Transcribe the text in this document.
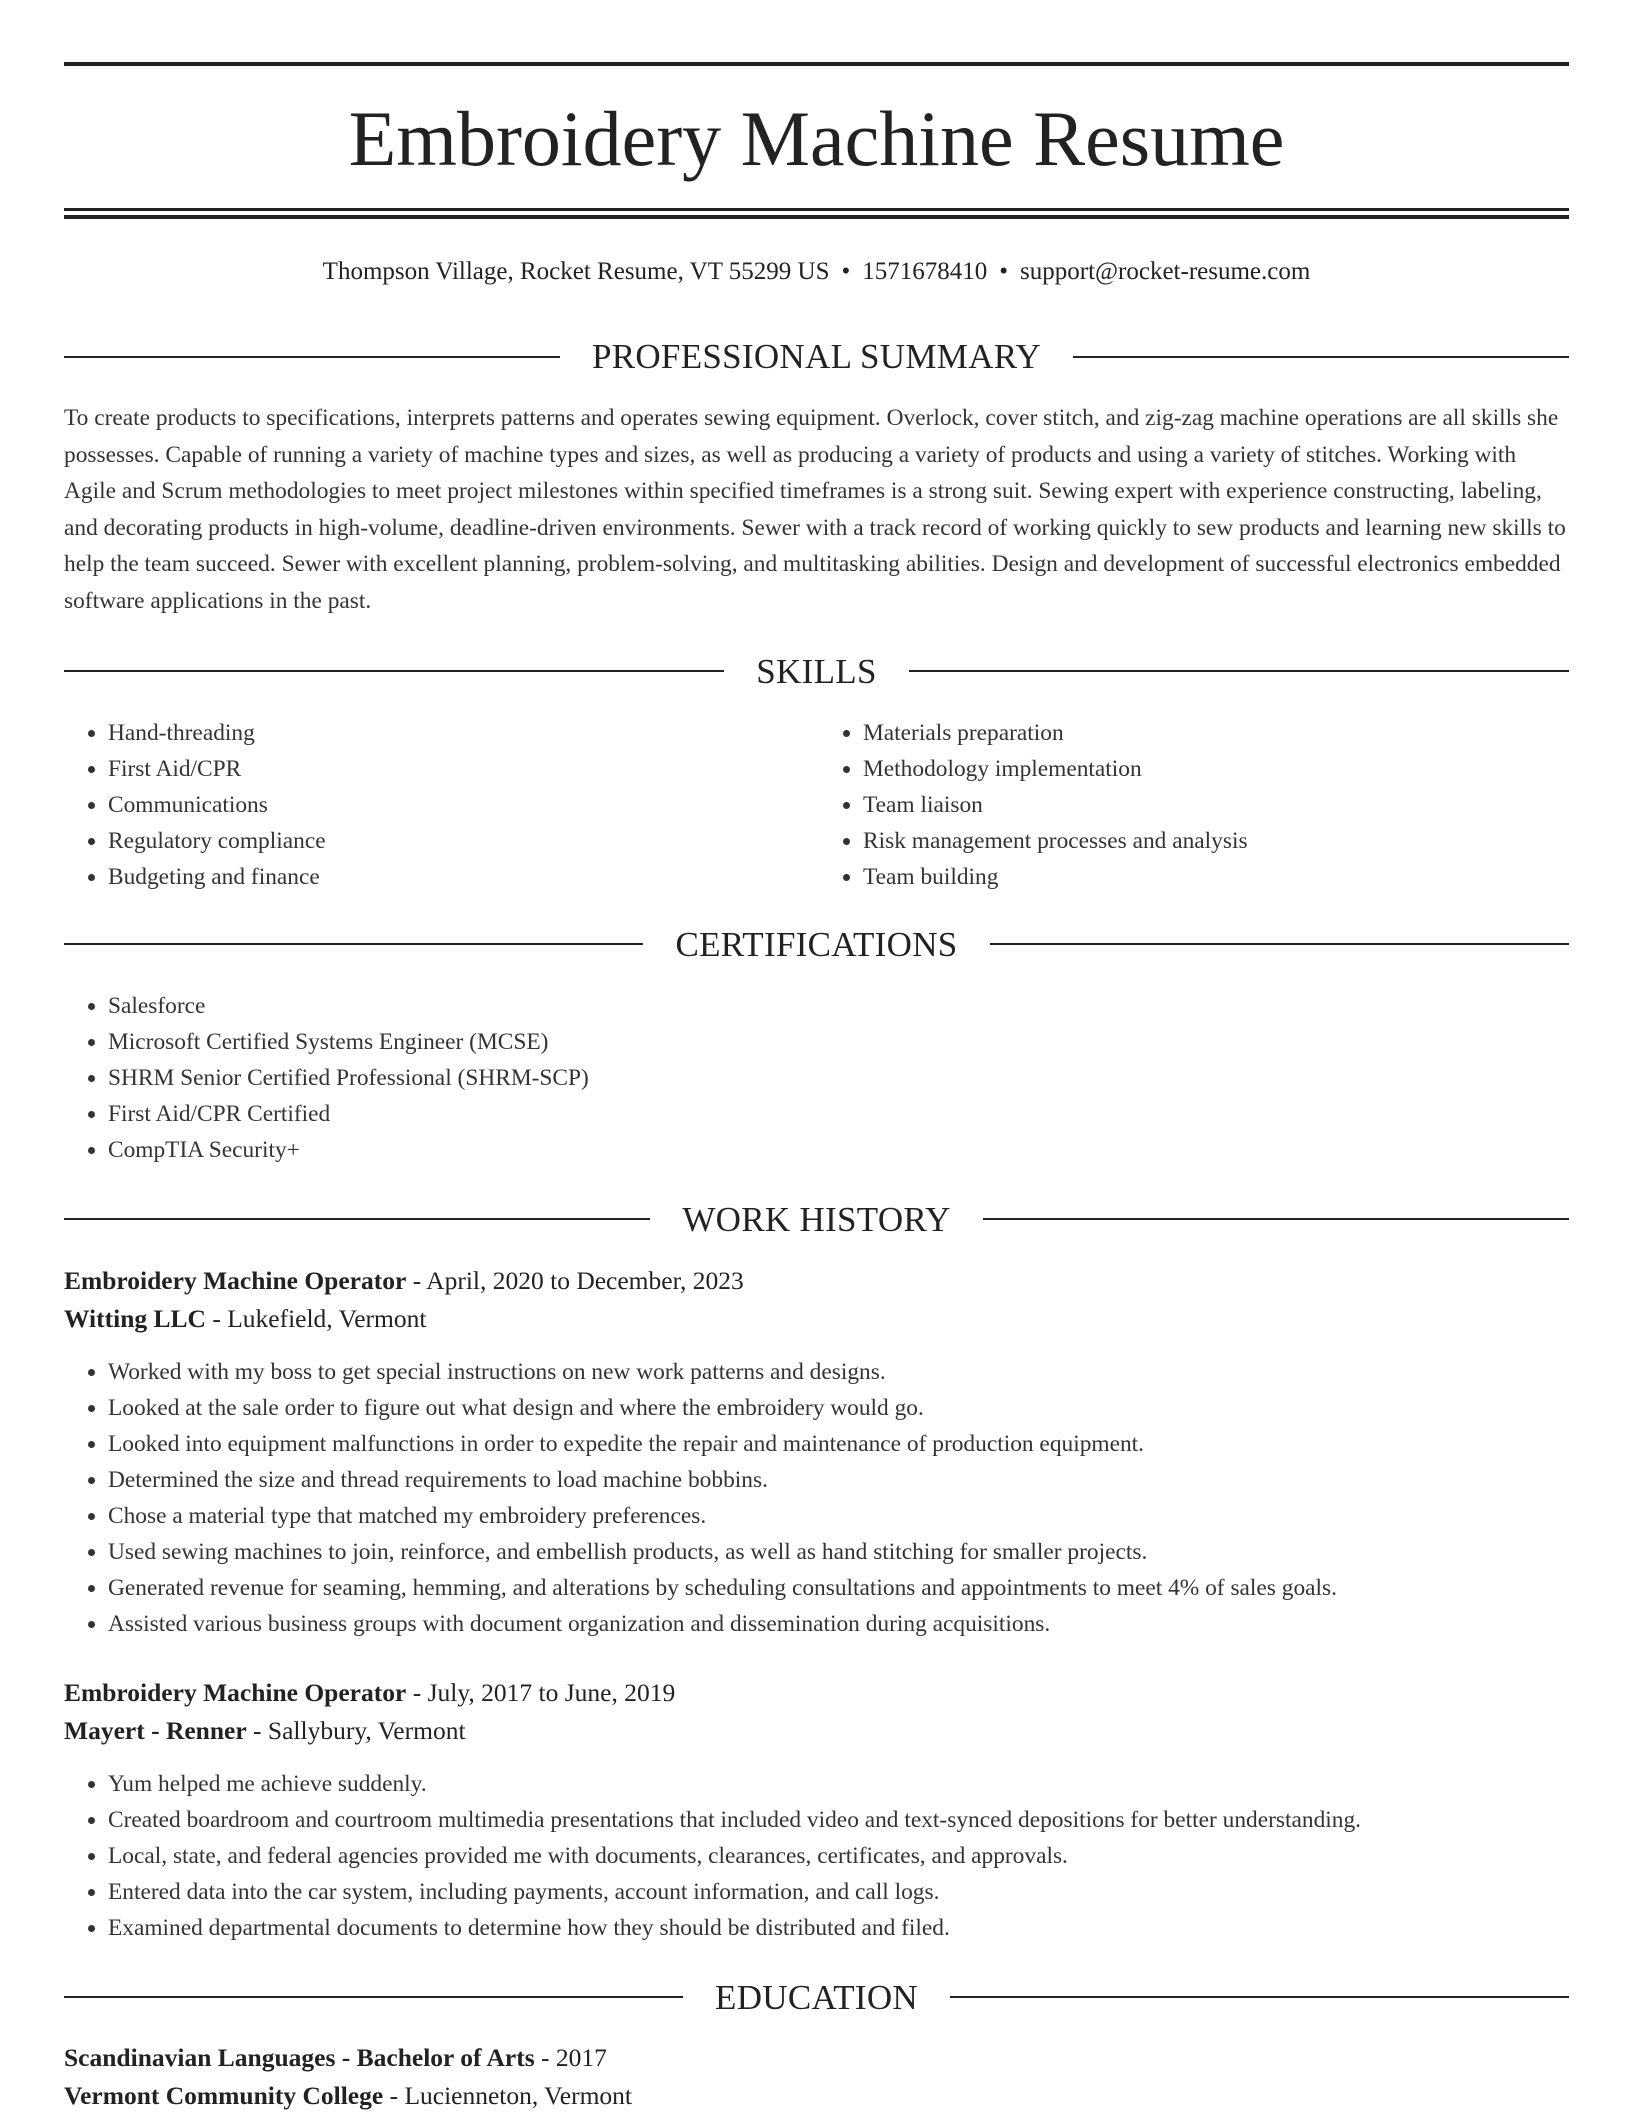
Embroidery Machine Resume
Thompson Village, Rocket Resume, VT 55299 US • 1571678410 • support@rocket-resume.com
PROFESSIONAL SUMMARY

To create products to specifications, interprets patterns and operates sewing equipment. Overlock, cover stitch, and zig-zag machine operations are all skills she possesses. Capable of running a variety of machine types and sizes, as well as producing a variety of products and using a variety of stitches. Working with Agile and Scrum methodologies to meet project milestones within specified timeframes is a strong suit. Sewing expert with experience constructing, labeling, and decorating products in high-volume, deadline-driven environments. Sewer with a track record of working quickly to sew products and learning new skills to help the team succeed. Sewer with excellent planning, problem-solving, and multitasking abilities. Design and development of successful electronics embedded software applications in the past.

SKILLS
• Hand-threading
• First Aid/CPR
• Communications
• Regulatory compliance
• Budgeting and finance
• Materials preparation
• Methodology implementation
• Team liaison
• Risk management processes and analysis
• Team building
CERTIFICATIONS
• Salesforce
• Microsoft Certified Systems Engineer (MCSE)
• SHRM Senior Certified Professional (SHRM-SCP)
• First Aid/CPR Certified
• CompTIA Security+
WORK HISTORY
Embroidery Machine Operator - April, 2020 to December, 2023
Witting LLC - Lukefield, Vermont
• Worked with my boss to get special instructions on new work patterns and designs.
• Looked at the sale order to figure out what design and where the embroidery would go.
• Looked into equipment malfunctions in order to expedite the repair and maintenance of production equipment.
• Determined the size and thread requirements to load machine bobbins.
• Chose a material type that matched my embroidery preferences.
• Used sewing machines to join, reinforce, and embellish products, as well as hand stitching for smaller projects.
• Generated revenue for seaming, hemming, and alterations by scheduling consultations and appointments to meet 4% of sales goals.
• Assisted various business groups with document organization and dissemination during acquisitions.
Embroidery Machine Operator - July, 2017 to June, 2019
Mayert - Renner - Sallybury, Vermont
• Yum helped me achieve suddenly.
• Created boardroom and courtroom multimedia presentations that included video and text-synced depositions for better understanding.
• Local, state, and federal agencies provided me with documents, clearances, certificates, and approvals.
• Entered data into the car system, including payments, account information, and call logs.
• Examined departmental documents to determine how they should be distributed and filed.
EDUCATION
Scandinavian Languages - Bachelor of Arts - 2017
Vermont Community College - Lucienneton, Vermont
